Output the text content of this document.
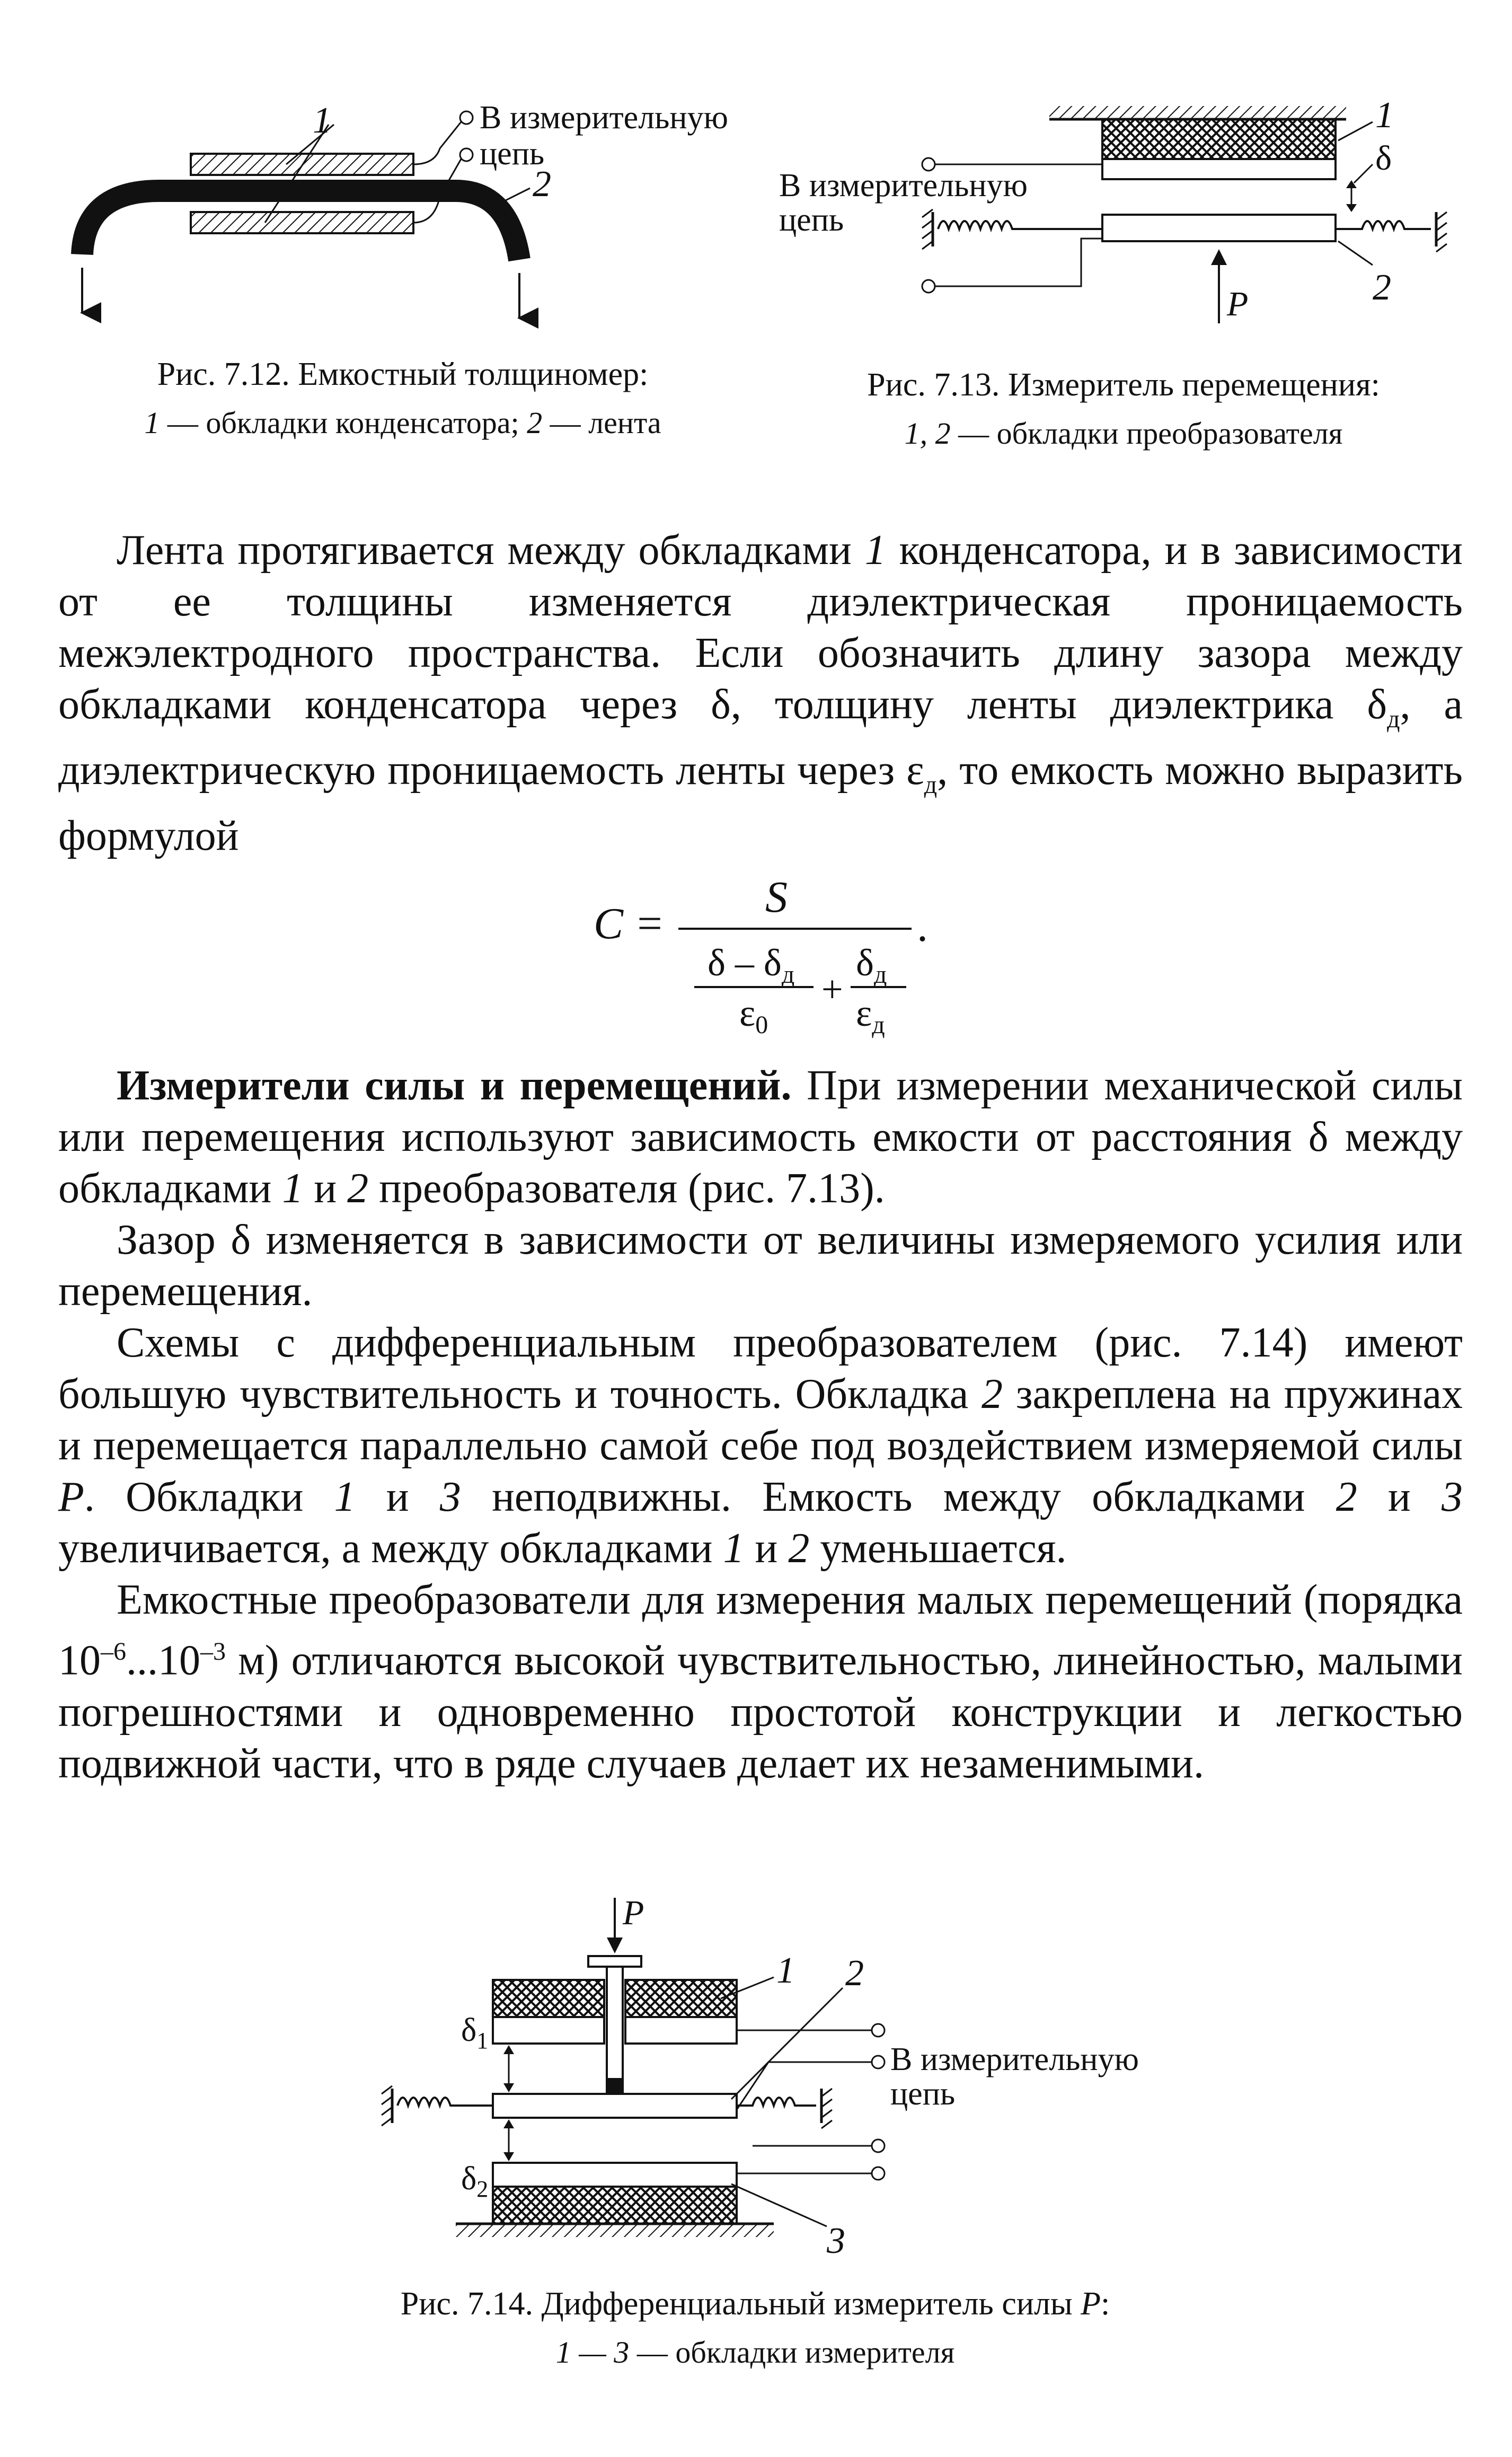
1	В измерительную
цепь
2
Рис. 7.12. Емкостный толщиномер:
1 — обкладки конденсатора; 2 — лента
1
δ
2
В измерительную
цепь
P
Рис. 7.13. Измеритель перемещения:
1, 2 — обкладки преобразователя

Лента протягивается между обкладками 1 конденсатора, и в зависимости от ее толщины изменяется диэлектрическая проницаемость межэлектродного пространства. Если обозначить длину зазора между обкладками конденсатора через δ, толщину ленты диэлектрика $\delta_д$, а диэлектрическую проницаемость ленты через $\varepsilon_д$, то емкость можно выразить формулой

C =
S
δ – δд
ε0
+
δд
εд
.

Измерители силы и перемещений. При измерении механической силы или перемещения используют зависимость емкости от расстояния δ между обкладками 1 и 2 преобразователя (рис. 7.13).

Зазор δ изменяется в зависимости от величины измеряемого усилия или перемещения.

Схемы с дифференциальным преобразователем (рис. 7.14) имеют большую чувствительность и точность. Обкладка 2 закреплена на пружинах и перемещается параллельно самой себе под воздействием измеряемой силы P. Обкладки 1 и 3 неподвижны. Емкость между обкладками 2 и 3 увеличивается, а между обкладками 1 и 2 уменьшается.

Емкостные преобразователи для измерения малых перемещений (порядка $10^{-6}...10^{-3}$ м) отличаются высокой чувствительностью, линейностью, малыми погрешностями и одновременно простотой конструкции и легкостью подвижной части, что в ряде случаев делает их незаменимыми.

P
$\delta_1$
$\delta_2$
1 2
3
В измерительную
цепь
Рис. 7.14. Дифференциальный измеритель силы P:
1 — 3 — обкладки измерителя
